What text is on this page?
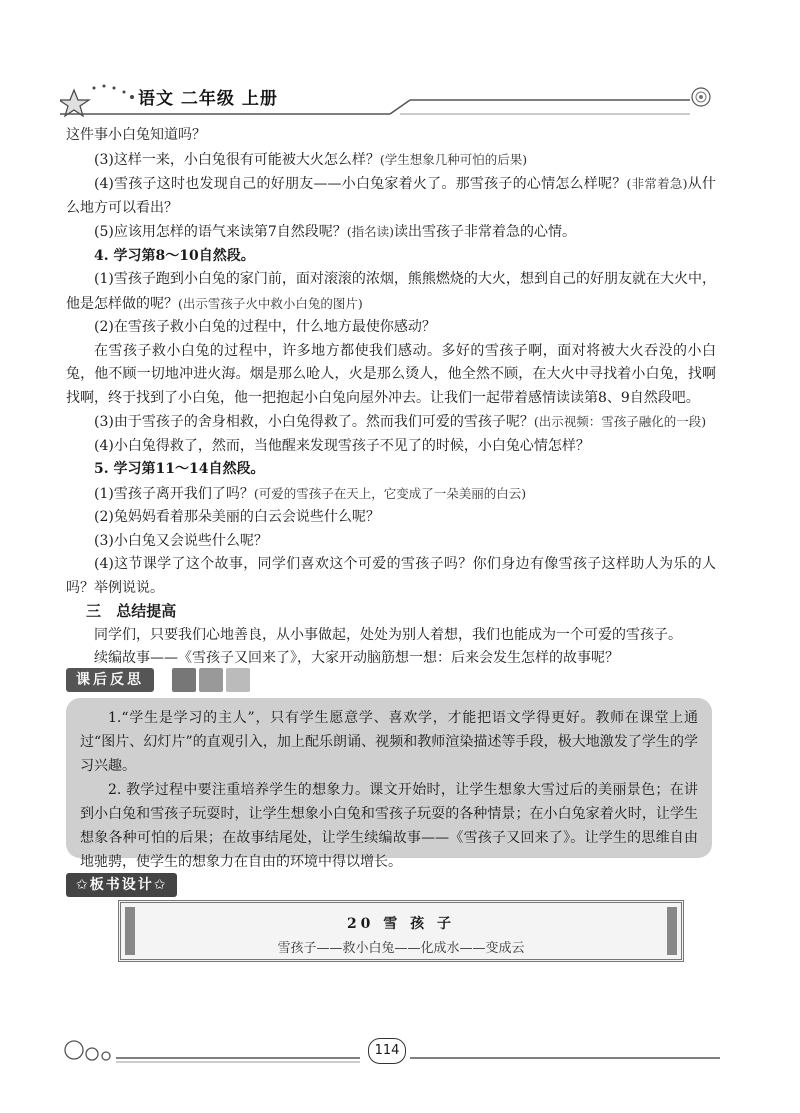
语文 二年级 上册

这件事小白兔知道吗？

(3)这样一来，小白兔很有可能被大火怎么样？(学生想象几种可怕的后果)

(4)雪孩子这时也发现自己的好朋友——小白兔家着火了。那雪孩子的心情怎么样呢？(非常着急)从什么地方可以看出？

(5)应该用怎样的语气来读第7自然段呢？(指名读)读出雪孩子非常着急的心情。

4. 学习第8～10自然段。

(1)雪孩子跑到小白兔的家门前，面对滚滚的浓烟，熊熊燃烧的大火，想到自己的好朋友就在大火中，他是怎样做的呢？(出示雪孩子火中救小白兔的图片)

(2)在雪孩子救小白兔的过程中，什么地方最使你感动？

在雪孩子救小白兔的过程中，许多地方都使我们感动。多好的雪孩子啊，面对将被大火吞没的小白兔，他不顾一切地冲进火海。烟是那么呛人，火是那么烫人，他全然不顾，在大火中寻找着小白兔，找啊找啊，终于找到了小白兔，他一把抱起小白兔向屋外冲去。让我们一起带着感情读读第8、9自然段吧。

(3)由于雪孩子的舍身相救，小白兔得救了。然而我们可爱的雪孩子呢？(出示视频：雪孩子融化的一段)

(4)小白兔得救了，然而，当他醒来发现雪孩子不见了的时候，小白兔心情怎样？

5. 学习第11～14自然段。

(1)雪孩子离开我们了吗？(可爱的雪孩子在天上，它变成了一朵美丽的白云)

(2)兔妈妈看着那朵美丽的白云会说些什么呢？

(3)小白兔又会说些什么呢？

(4)这节课学了这个故事，同学们喜欢这个可爱的雪孩子吗？你们身边有像雪孩子这样助人为乐的人吗？举例说说。

三 总结提高

同学们，只要我们心地善良，从小事做起，处处为别人着想，我们也能成为一个可爱的雪孩子。

续编故事——《雪孩子又回来了》，大家开动脑筋想一想：后来会发生怎样的故事呢？

课后反思

1.“学生是学习的主人”，只有学生愿意学、喜欢学，才能把语文学得更好。教师在课堂上通过“图片、幻灯片”的直观引入，加上配乐朗诵、视频和教师渲染描述等手段，极大地激发了学生的学习兴趣。

2. 教学过程中要注重培养学生的想象力。课文开始时，让学生想象大雪过后的美丽景色；在讲到小白兔和雪孩子玩耍时，让学生想象小白兔和雪孩子玩耍的各种情景；在小白兔家着火时，让学生想象各种可怕的后果；在故事结尾处，让学生续编故事——《雪孩子又回来了》。让学生的思维自由地驰骋，使学生的想象力在自由的环境中得以增长。

✩板书设计✩
20 雪 孩 子
雪孩子——救小白兔——化成水——变成云
114
